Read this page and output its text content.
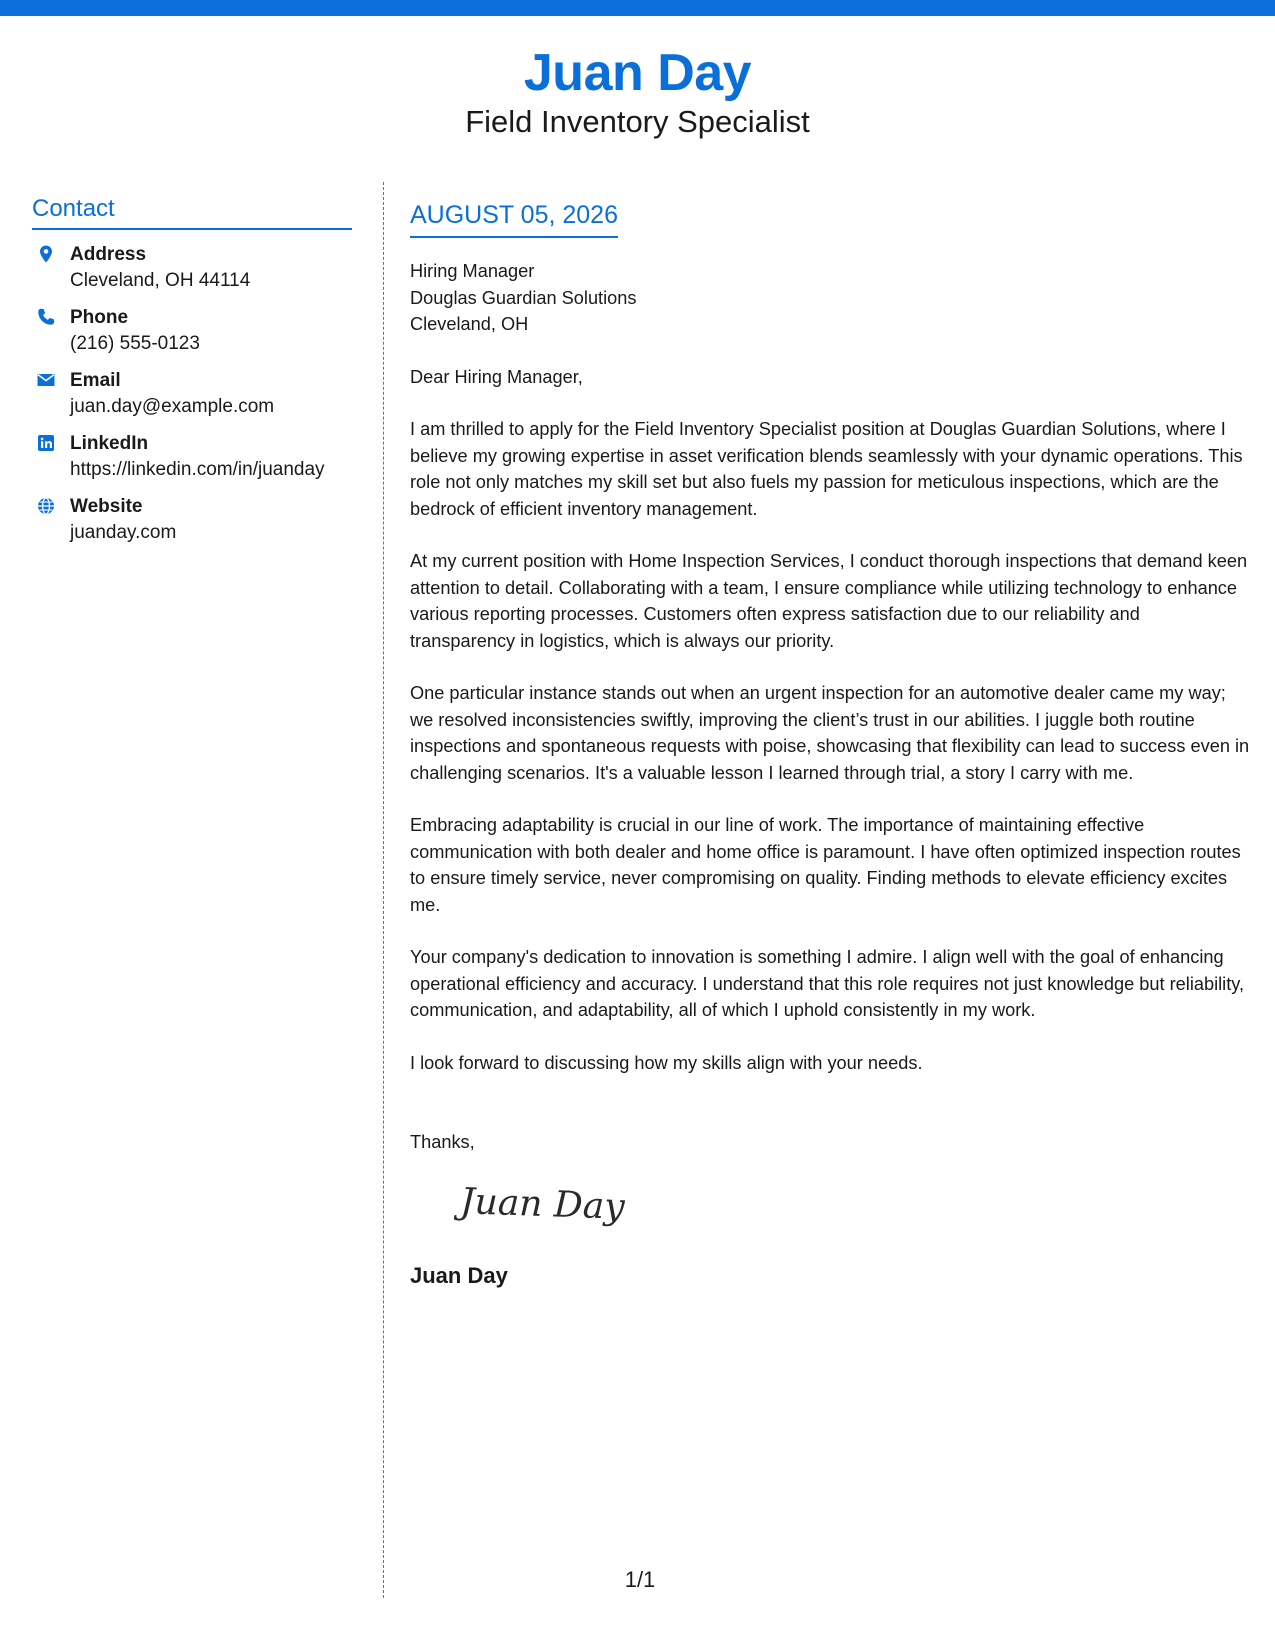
Juan Day
Field Inventory Specialist
Contact
Address
Cleveland, OH 44114
Phone
(216) 555-0123
Email
juan.day@example.com
LinkedIn
https://linkedin.com/in/juanday
Website
juanday.com
AUGUST 05, 2026
Hiring Manager
Douglas Guardian Solutions
Cleveland, OH
Dear Hiring Manager,
I am thrilled to apply for the Field Inventory Specialist position at Douglas Guardian Solutions, where I believe my growing expertise in asset verification blends seamlessly with your dynamic operations. This role not only matches my skill set but also fuels my passion for meticulous inspections, which are the bedrock of efficient inventory management.
At my current position with Home Inspection Services, I conduct thorough inspections that demand keen attention to detail. Collaborating with a team, I ensure compliance while utilizing technology to enhance various reporting processes. Customers often express satisfaction due to our reliability and transparency in logistics, which is always our priority.
One particular instance stands out when an urgent inspection for an automotive dealer came my way; we resolved inconsistencies swiftly, improving the client’s trust in our abilities. I juggle both routine inspections and spontaneous requests with poise, showcasing that flexibility can lead to success even in challenging scenarios. It's a valuable lesson I learned through trial, a story I carry with me.
Embracing adaptability is crucial in our line of work. The importance of maintaining effective communication with both dealer and home office is paramount. I have often optimized inspection routes to ensure timely service, never compromising on quality. Finding methods to elevate efficiency excites me.
Your company's dedication to innovation is something I admire. I align well with the goal of enhancing operational efficiency and accuracy. I understand that this role requires not just knowledge but reliability, communication, and adaptability, all of which I uphold consistently in my work.
I look forward to discussing how my skills align with your needs.
Thanks,
Juan Day
Juan Day
1/1
